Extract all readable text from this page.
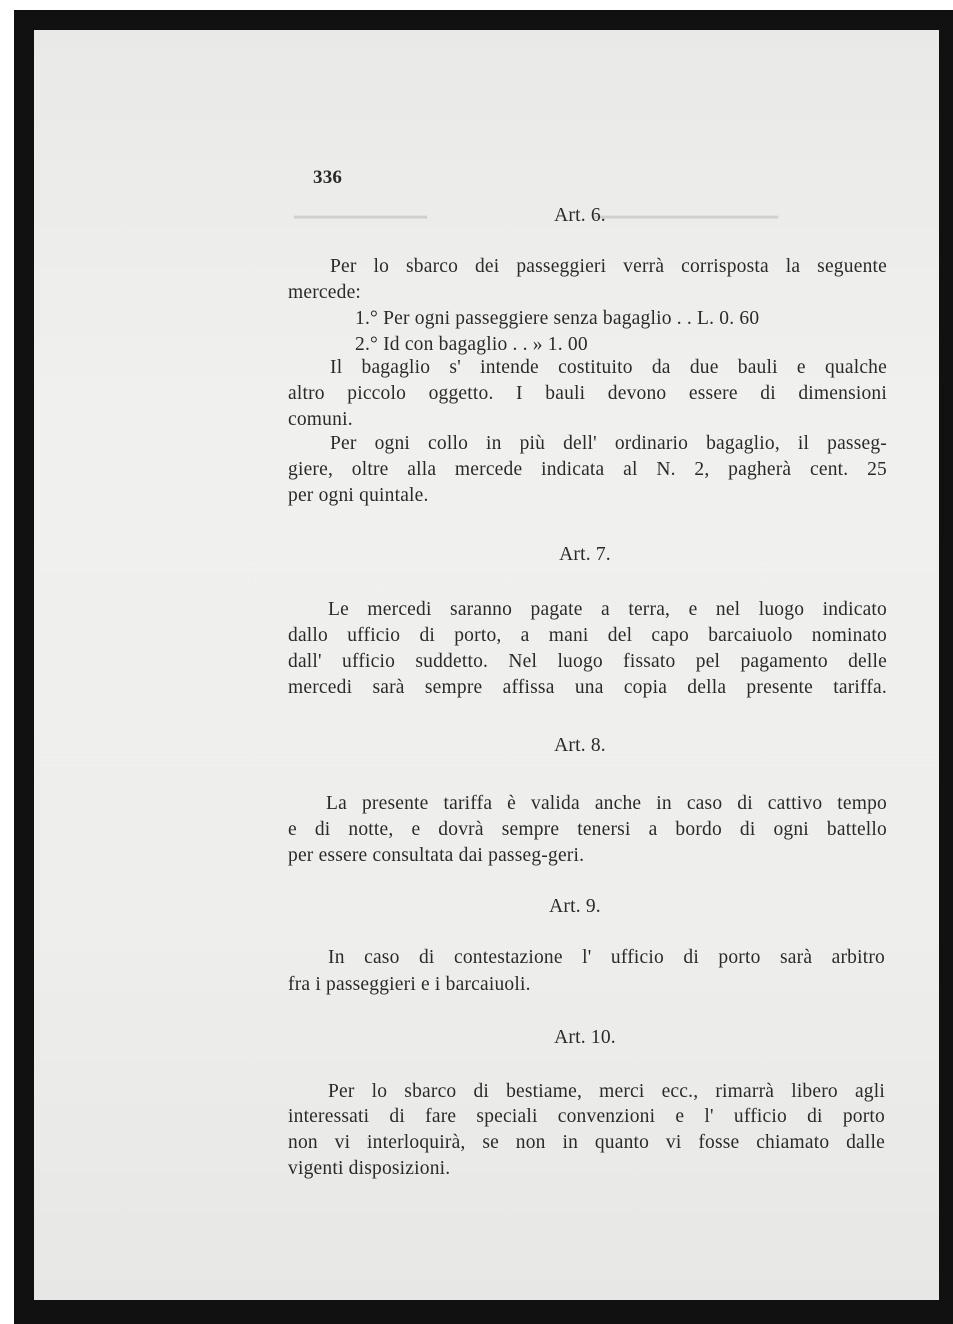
━━━━━━━━━━━━━━━━━━
━━━━━━━━━━━━━
336
Art. 6.
Per lo sbarco dei passeggieri verrà corrisposta la seguente
mercede:
1.° Per ogni passeggiere senza bagaglio . . L. 0. 60
2.° Id con bagaglio . . » 1. 00
Il bagaglio s' intende costituito da due bauli e qualche
altro piccolo oggetto. I bauli devono essere di dimensioni
comuni.
Per ogni collo in più dell' ordinario bagaglio, il passeg-
giere, oltre alla mercede indicata al N. 2, pagherà cent. 25
per ogni quintale.
Art. 7.
Le mercedi saranno pagate a terra, e nel luogo indicato
dallo ufficio di porto, a mani del capo barcaiuolo nominato
dall' ufficio suddetto. Nel luogo fissato pel pagamento delle
mercedi sarà sempre affissa una copia della presente tariffa.
Art. 8.
La presente tariffa è valida anche in caso di cattivo tempo
e di notte, e dovrà sempre tenersi a bordo di ogni battello
per essere consultata dai passeg-geri.
Art. 9.
In caso di contestazione l' ufficio di porto sarà arbitro
fra i passeggieri e i barcaiuoli.
Art. 10.
Per lo sbarco di bestiame, merci ecc., rimarrà libero agli
interessati di fare speciali convenzioni e l' ufficio di porto
non vi interloquirà, se non in quanto vi fosse chiamato dalle
vigenti disposizioni.
